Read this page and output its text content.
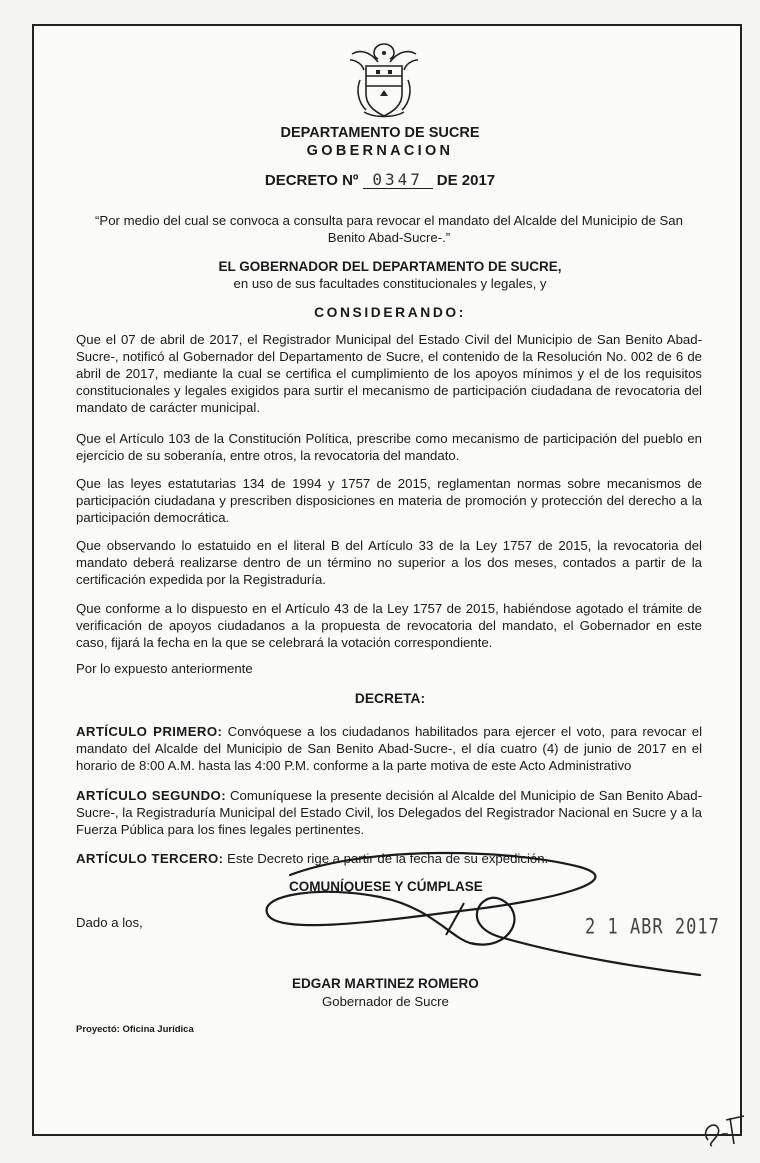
DEPARTAMENTO DE SUCRE
GOBERNACION
DECRETO Nº 0347 DE 2017

“Por medio del cual se convoca a consulta para revocar el mandato del Alcalde del Municipio de San Benito Abad-Sucre-.”

EL GOBERNADOR DEL DEPARTAMENTO DE SUCRE,

en uso de sus facultades constitucionales y legales, y

CONSIDERANDO:

Que el 07 de abril de 2017, el Registrador Municipal del Estado Civil del Municipio de San Benito Abad-Sucre-, notificó al Gobernador del Departamento de Sucre, el contenido de la Resolución No. 002 de 6 de abril de 2017, mediante la cual se certifica el cumplimiento de los apoyos mínimos y el de los requisitos constitucionales y legales exigidos para surtir el mecanismo de participación ciudadana de revocatoria del mandato de carácter municipal.

Que el Artículo 103 de la Constitución Política, prescribe como mecanismo de participación del pueblo en ejercicio de su soberanía, entre otros, la revocatoria del mandato.

Que las leyes estatutarias 134 de 1994 y 1757 de 2015, reglamentan normas sobre mecanismos de participación ciudadana y prescriben disposiciones en materia de promoción y protección del derecho a la participación democrática.

Que observando lo estatuido en el literal B del Artículo 33 de la Ley 1757 de 2015, la revocatoria del mandato deberá realizarse dentro de un término no superior a los dos meses, contados a partir de la certificación expedida por la Registraduría.

Que conforme a lo dispuesto en el Artículo 43 de la Ley 1757 de 2015, habiéndose agotado el trámite de verificación de apoyos ciudadanos a la propuesta de revocatoria del mandato, el Gobernador en este caso, fijará la fecha en la que se celebrará la votación correspondiente.

Por lo expuesto anteriormente

DECRETA:

ARTÍCULO PRIMERO: Convóquese a los ciudadanos habilitados para ejercer el voto, para revocar el mandato del Alcalde del Municipio de San Benito Abad-Sucre-, el día cuatro (4) de junio de 2017 en el horario de 8:00 A.M. hasta las 4:00 P.M. conforme a la parte motiva de este Acto Administrativo

ARTÍCULO SEGUNDO: Comuníquese la presente decisión al Alcalde del Municipio de San Benito Abad-Sucre-, la Registraduría Municipal del Estado Civil, los Delegados del Registrador Nacional en Sucre y a la Fuerza Pública para los fines legales pertinentes.

ARTÍCULO TERCERO: Este Decreto rige a partir de la fecha de su expedición.

COMUNÍQUESE Y CÚMPLASE
Dado a los,	2 1 ABR 2017
EDGAR MARTINEZ ROMERO
Gobernador de Sucre
Proyectó: Oficina Jurídica
